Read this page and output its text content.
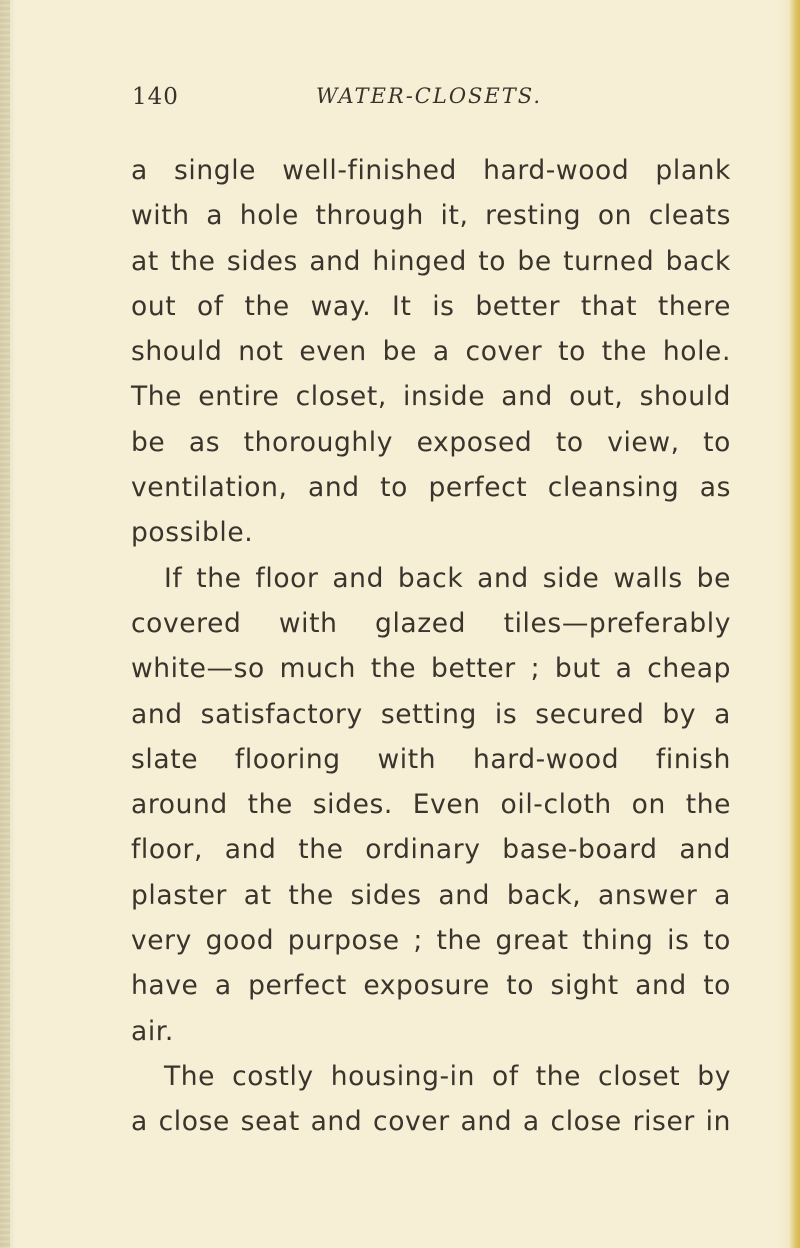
140	WATER-CLOSETS.
a single well-finished hard-wood plank
with a hole through it, resting on cleats
at the sides and hinged to be turned back
out of the way. It is better that there
should not even be a cover to the hole.
The entire closet, inside and out, should
be as thoroughly exposed to view, to
ventilation, and to perfect cleansing as
possible.
If the floor and back and side walls be
covered with glazed tiles—preferably
white—so much the better ; but a cheap
and satisfactory setting is secured by a
slate flooring with hard-wood finish
around the sides. Even oil-cloth on the
floor, and the ordinary base-board and
plaster at the sides and back, answer a
very good purpose ; the great thing is to
have a perfect exposure to sight and to
air.
The costly housing-in of the closet by
a close seat and cover and a close riser in
